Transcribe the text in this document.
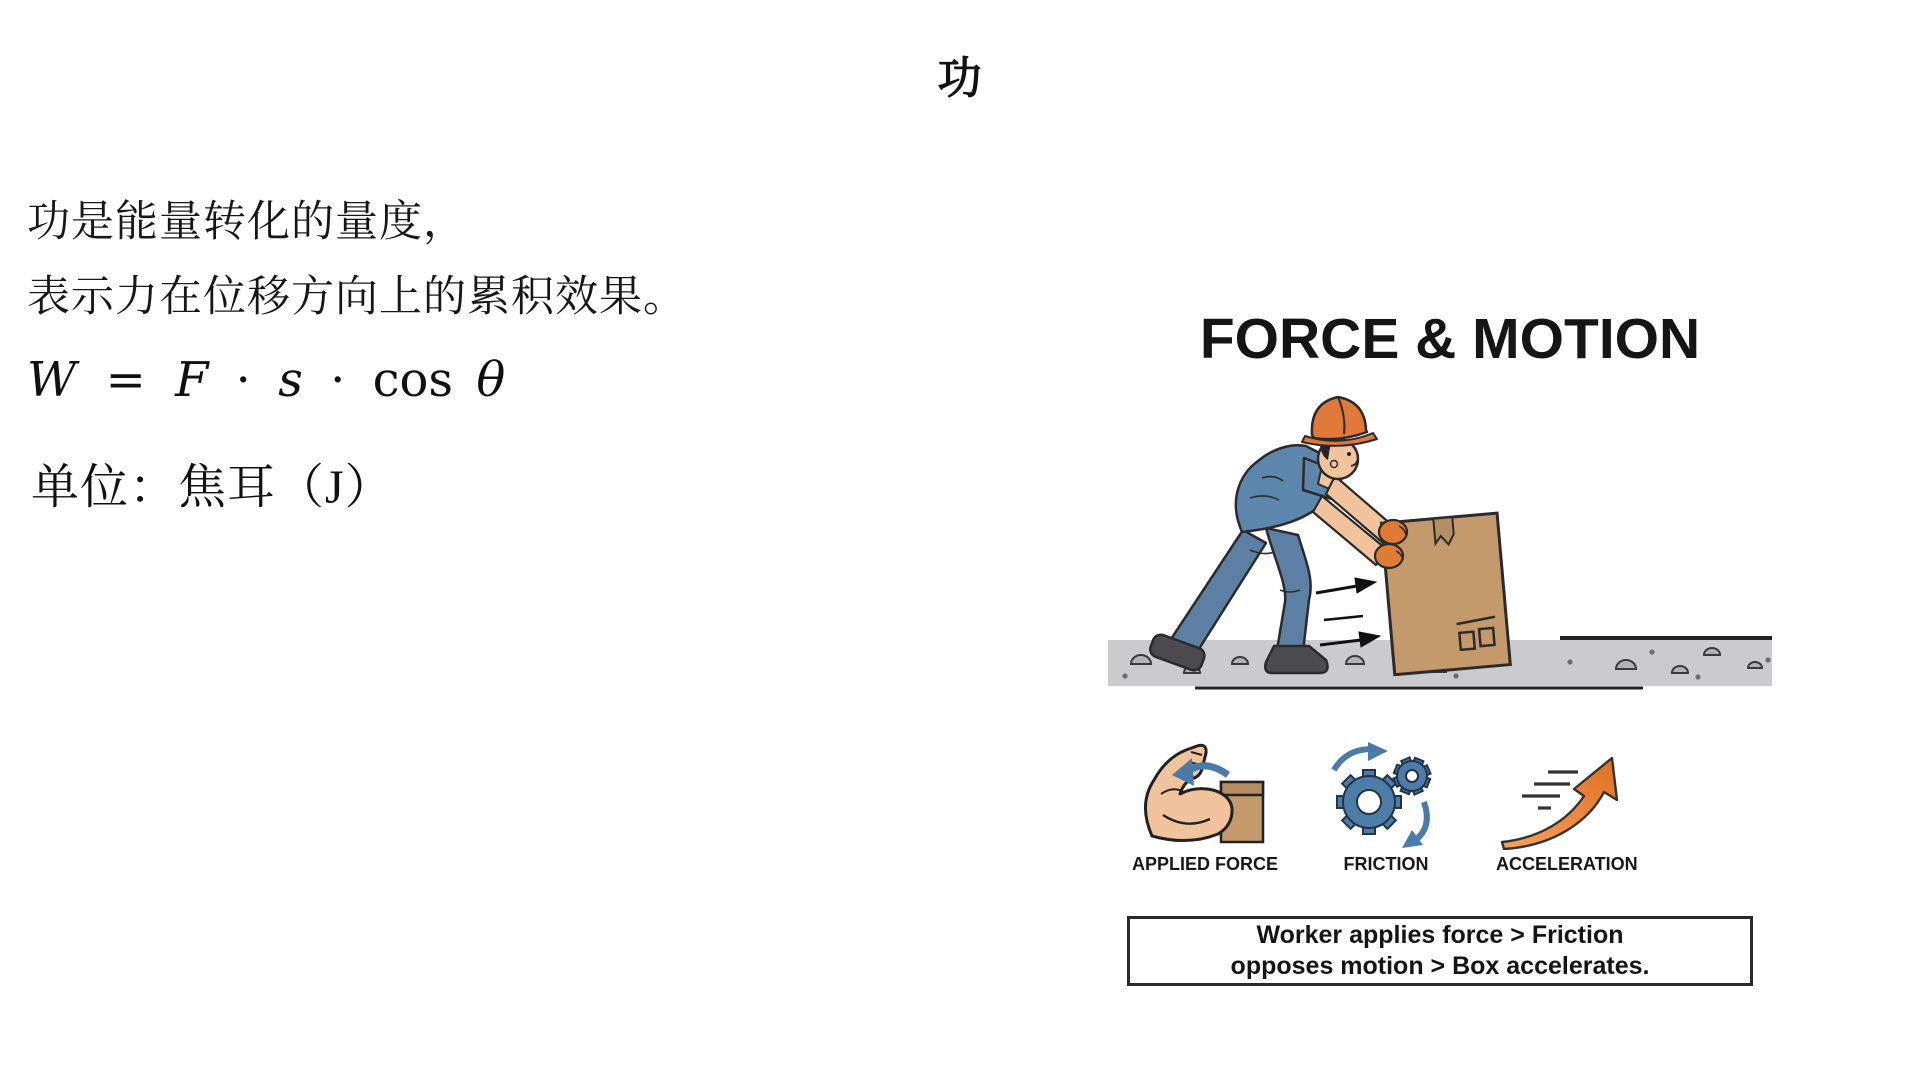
功
功是能量转化的量度，
表示力在位移方向上的累积效果。
W = F · s · cos θ
单位：焦耳（J）
FORCE & MOTION
APPLIED FORCE	FRICTION	ACCELERATION
Worker applies force > Friction
opposes motion > Box accelerates.
